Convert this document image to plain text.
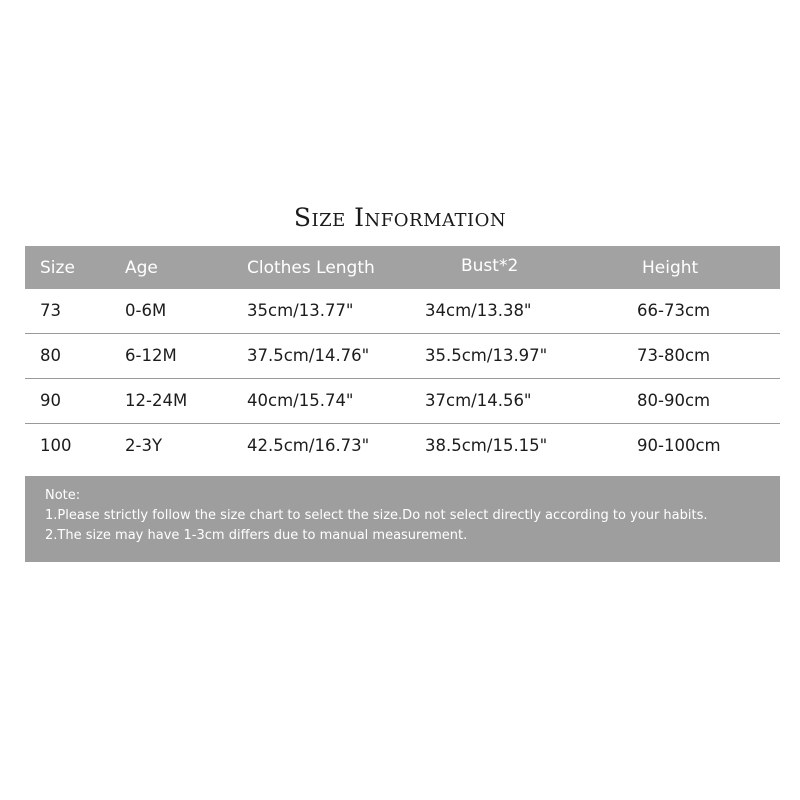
Size Information
Size	Age	Clothes Length	Bust*2	Height
73	0-6M	35cm/13.77"	34cm/13.38"	66-73cm
80	6-12M	37.5cm/14.76"	35.5cm/13.97"	73-80cm
90	12-24M	40cm/15.74"	37cm/14.56"	80-90cm
100	2-3Y	42.5cm/16.73"	38.5cm/15.15"	90-100cm
Note:
1.Please strictly follow the size chart to select the size.Do not select directly according to your habits.
2.The size may have 1-3cm differs due to manual measurement.
